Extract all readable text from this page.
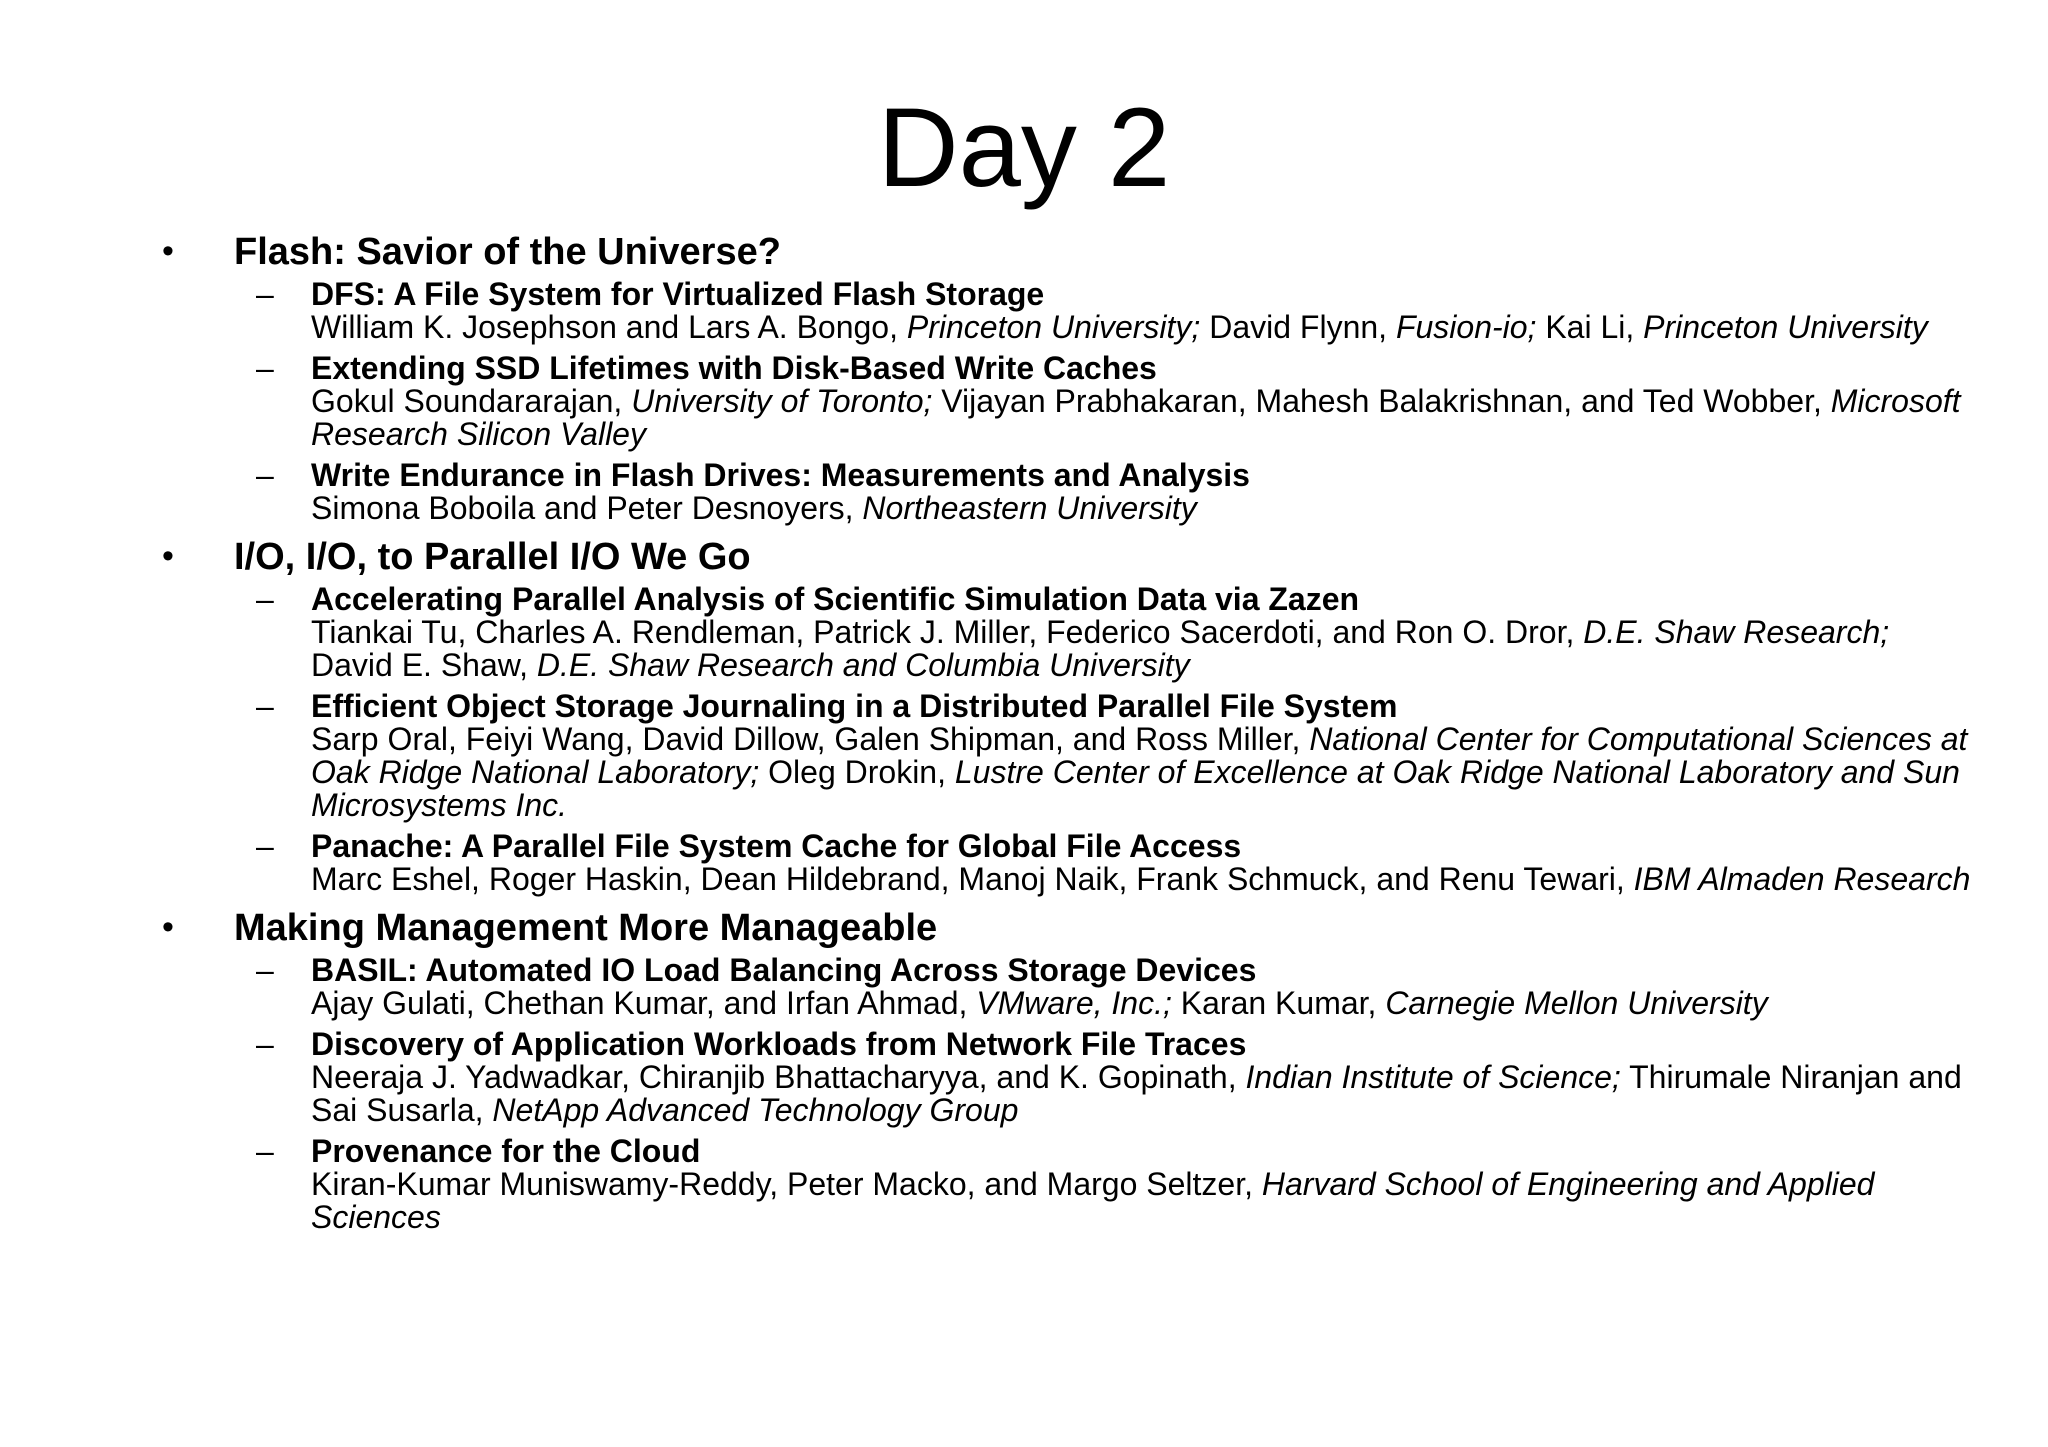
Day 2
• Flash: Savior of the Universe?
– DFS: A File System for Virtualized Flash Storage
William K. Josephson and Lars A. Bongo, Princeton University; David Flynn, Fusion-io; Kai Li, Princeton University
– Extending SSD Lifetimes with Disk-Based Write Caches
Gokul Soundararajan, University of Toronto; Vijayan Prabhakaran, Mahesh Balakrishnan, and Ted Wobber, Microsoft Research Silicon Valley
– Write Endurance in Flash Drives: Measurements and Analysis
Simona Boboila and Peter Desnoyers, Northeastern University
• I/O, I/O, to Parallel I/O We Go
– Accelerating Parallel Analysis of Scientific Simulation Data via Zazen
Tiankai Tu, Charles A. Rendleman, Patrick J. Miller, Federico Sacerdoti, and Ron O. Dror, D.E. Shaw Research; David E. Shaw, D.E. Shaw Research and Columbia University
– Efficient Object Storage Journaling in a Distributed Parallel File System
Sarp Oral, Feiyi Wang, David Dillow, Galen Shipman, and Ross Miller, National Center for Computational Sciences at Oak Ridge National Laboratory; Oleg Drokin, Lustre Center of Excellence at Oak Ridge National Laboratory and Sun Microsystems Inc.
– Panache: A Parallel File System Cache for Global File Access
Marc Eshel, Roger Haskin, Dean Hildebrand, Manoj Naik, Frank Schmuck, and Renu Tewari, IBM Almaden Research
• Making Management More Manageable
– BASIL: Automated IO Load Balancing Across Storage Devices
Ajay Gulati, Chethan Kumar, and Irfan Ahmad, VMware, Inc.; Karan Kumar, Carnegie Mellon University
– Discovery of Application Workloads from Network File Traces
Neeraja J. Yadwadkar, Chiranjib Bhattacharyya, and K. Gopinath, Indian Institute of Science; Thirumale Niranjan and Sai Susarla, NetApp Advanced Technology Group
– Provenance for the Cloud
Kiran-Kumar Muniswamy-Reddy, Peter Macko, and Margo Seltzer, Harvard School of Engineering and Applied Sciences
